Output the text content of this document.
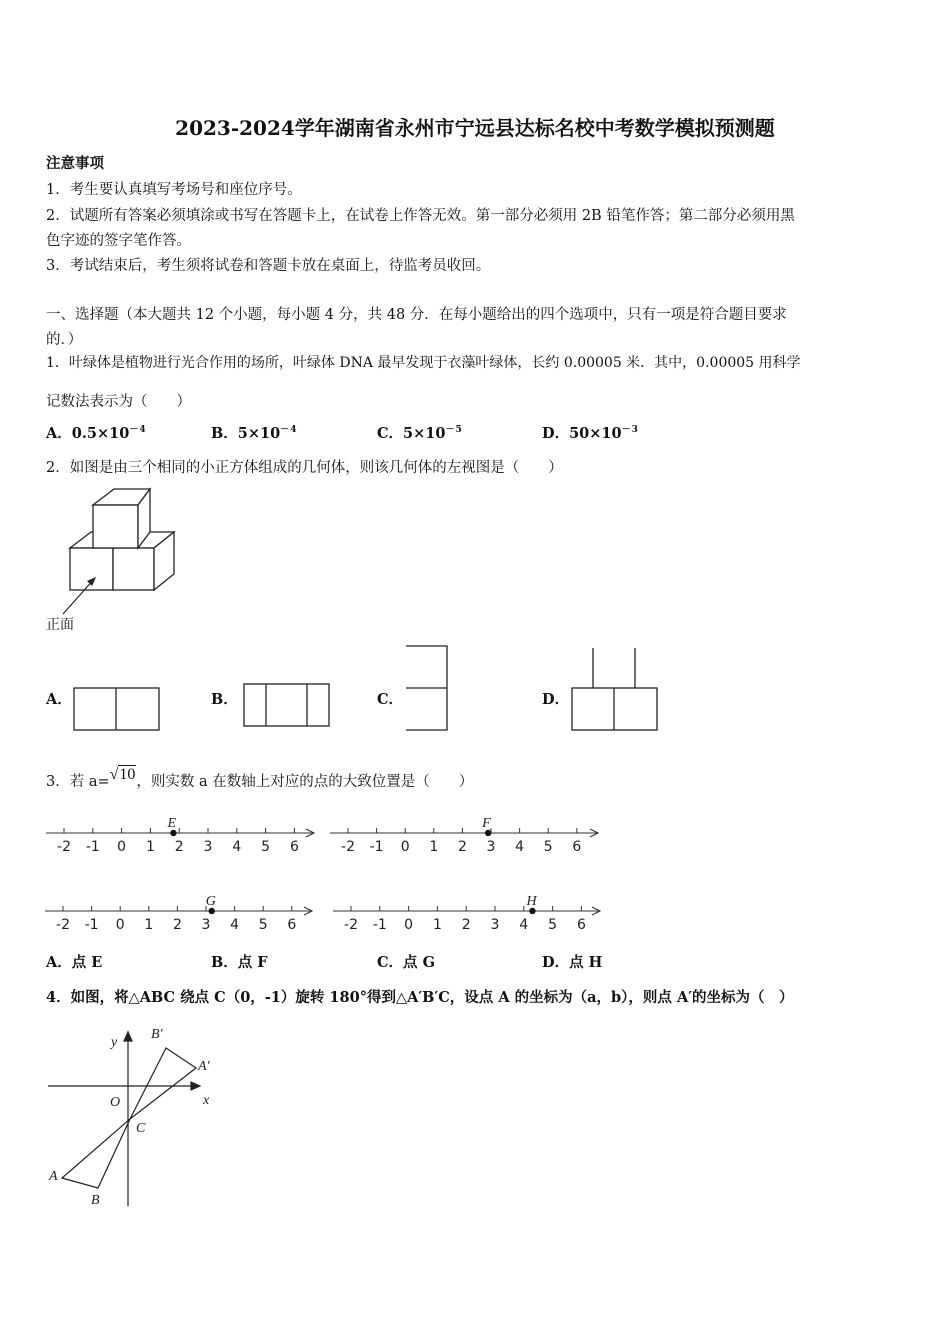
2023-2024学年湖南省永州市宁远县达标名校中考数学模拟预测题
注意事项
1．考生要认真填写考场号和座位序号。
2．试题所有答案必须填涂或书写在答题卡上，在试卷上作答无效。第一部分必须用 2B 铅笔作答；第二部分必须用黑
色字迹的签字笔作答。
3．考试结束后，考生须将试卷和答题卡放在桌面上，待监考员收回。
一、选择题（本大题共 12 个小题，每小题 4 分，共 48 分．在每小题给出的四个选项中，只有一项是符合题目要求
的．）
1．叶绿体是植物进行光合作用的场所，叶绿体 DNA 最早发现于衣藻叶绿体，长约 0.00005 米．其中，0.00005 用科学
记数法表示为（　　）
A．$0.5\times 10^{-4}$	B．$5\times 10^{-4}$	C．$5\times 10^{-5}$	D．$50\times 10^{-3}$
2．如图是由三个相同的小正方体组成的几何体，则该几何体的左视图是（　　）
正面
A．	B．	C．	D．
3．若 a=√10，则实数 a 在数轴上对应的点的大致位置是（　　）
-2 -1 0 1 2 3 4 5 6
E
-2 -1 0 1 2 3 4 5 6
F
-2 -1 0 1 2 3 4 5 6
G
-2 -1 0 1 2 3 4 5 6
H
A．点 E	B．点 F	C．点 G	D．点 H
4．如图，将△ABC 绕点 C（0，-1）旋转 180°得到△A′B′C，设点 A 的坐标为（a，b），则点 A′的坐标为（　）
y
x
O
C
A
B
A'
B'
